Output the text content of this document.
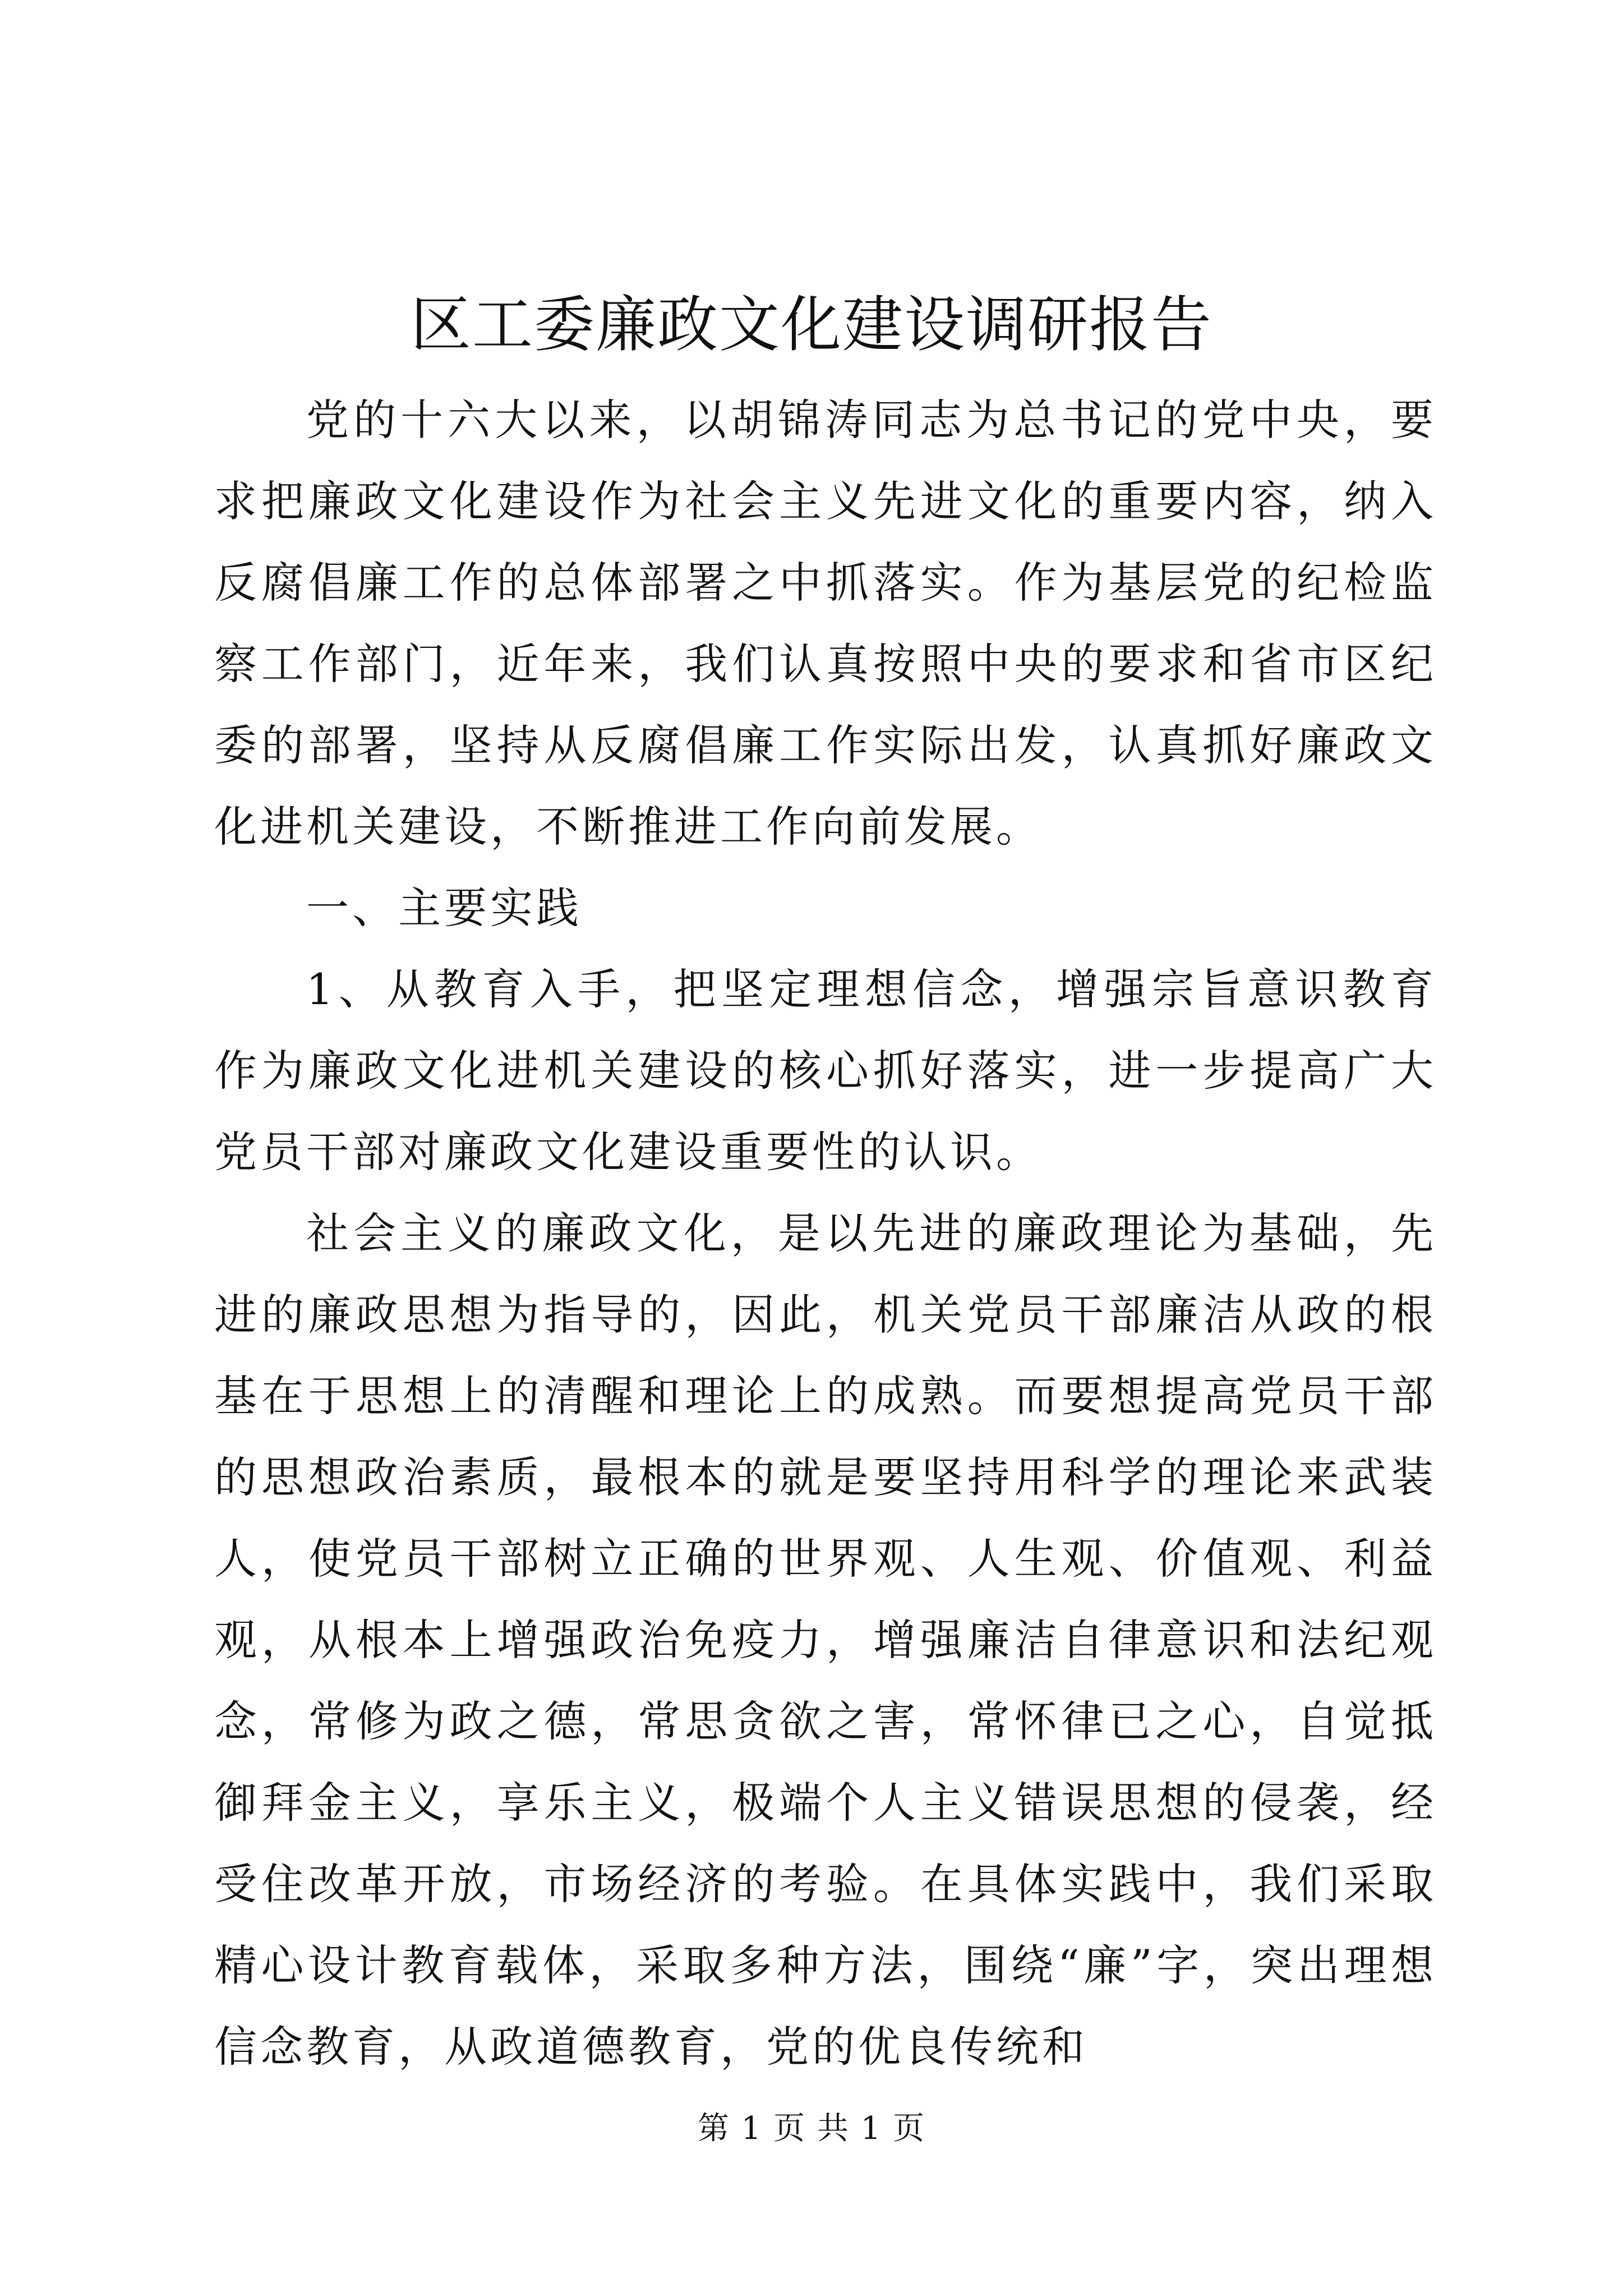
区工委廉政文化建设调研报告

党的十六大以来，以胡锦涛同志为总书记的党中央，要求把廉政文化建设作为社会主义先进文化的重要内容，纳入反腐倡廉工作的总体部署之中抓落实。作为基层党的纪检监察工作部门，近年来，我们认真按照中央的要求和省市区纪委的部署，坚持从反腐倡廉工作实际出发，认真抓好廉政文化进机关建设，不断推进工作向前发展。

一、主要实践

1、从教育入手，把坚定理想信念，增强宗旨意识教育作为廉政文化进机关建设的核心抓好落实，进一步提高广大党员干部对廉政文化建设重要性的认识。

社会主义的廉政文化，是以先进的廉政理论为基础，先进的廉政思想为指导的，因此，机关党员干部廉洁从政的根基在于思想上的清醒和理论上的成熟。而要想提高党员干部的思想政治素质，最根本的就是要坚持用科学的理论来武装人，使党员干部树立正确的世界观、人生观、价值观、利益观，从根本上增强政治免疫力，增强廉洁自律意识和法纪观念，常修为政之德，常思贪欲之害，常怀律已之心，自觉抵御拜金主义，享乐主义，极端个人主义错误思想的侵袭，经受住改革开放，市场经济的考验。在具体实践中，我们采取精心设计教育载体，采取多种方法，围绕“廉”字，突出理想信念教育，从政道德教育，党的优良传统和

第 1 页 共 1 页
